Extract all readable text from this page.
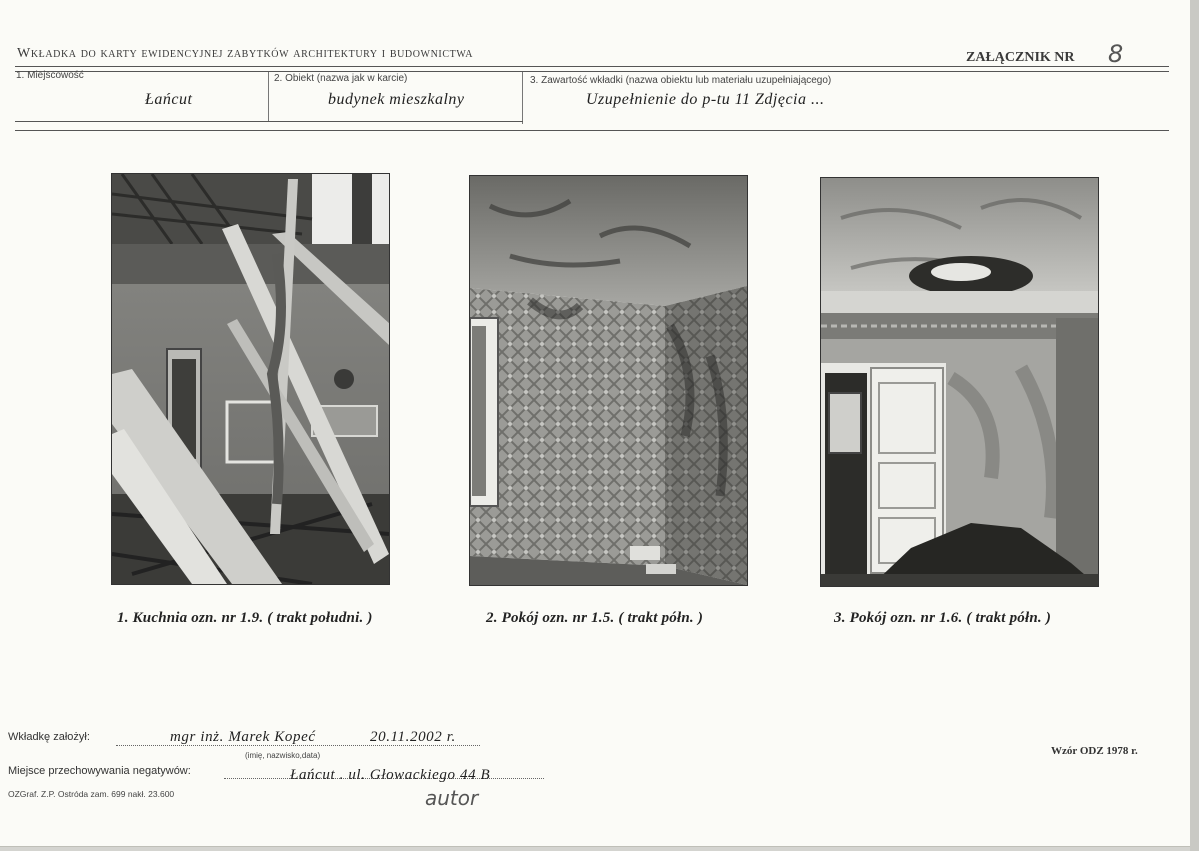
Wkładka do karty ewidencyjnej zabytków architektury i budownictwa	ZAŁĄCZNIK NR 8
1. Miejscowość
Łańcut
2. Obiekt (nazwa jak w karcie)
budynek mieszkalny
3. Zawartość wkładki (nazwa obiektu lub materiału uzupełniającego)
Uzupełnienie do p-tu 11 Zdjęcia ...
1. Kuchnia ozn. nr 1.9. ( trakt południ. )	2. Pokój ozn. nr 1.5. ( trakt półn. )	3. Pokój ozn. nr 1.6. ( trakt półn. )
Wkładkę założył:	mgr inż. Marek Kopeć	20.11.2002 r.
(imię, nazwisko,data)
Miejsce przechowywania negatywów:	Łańcut . ul. Głowackiego 44 B
autor
OZGraf. Z.P. Ostróda zam. 699 nakł. 23.600
Wzór ODZ 1978 r.
